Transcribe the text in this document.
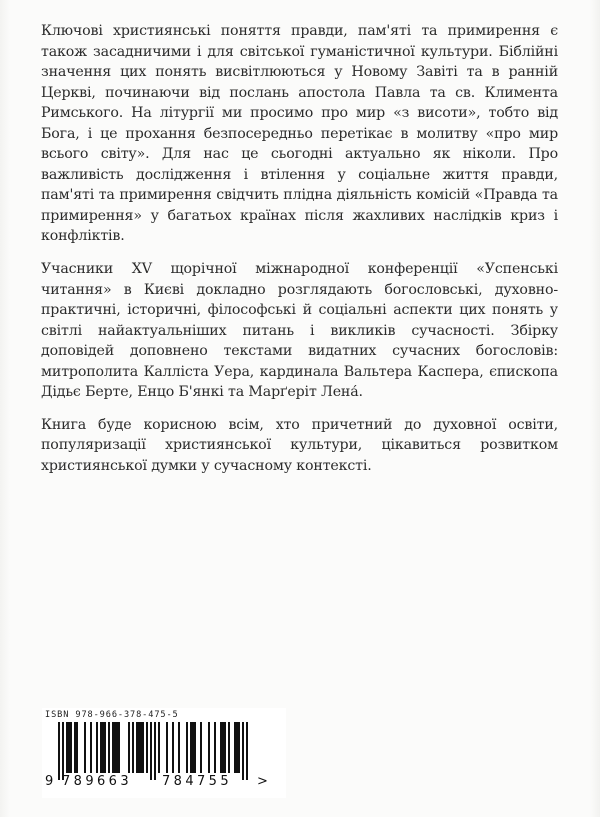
Ключові християнські поняття правди, пам'яті та примирення є також засадничими і для світської гуманістичної культури. Біблійні значення цих понять висвітлюються у Новому Завіті та в ранній Церкві, починаючи від послань апостола Павла та св. Климента Римського. На літургії ми просимо про мир «з висоти», тобто від Бога, і це прохання безпосередньо перетікає в молитву «про мир всього світу». Для нас це сьогодні актуально як ніколи. Про важливість дослідження і втілення у соціальне життя правди, пам'яті та примирення свідчить плідна діяльність комісій «Правда та примирення» у багатьох країнах після жахливих наслідків криз і конфліктів.

Учасники XV щорічної міжнародної конференції «Успенські читання» в Києві докладно розглядають богословські, духовно-практичні, історичні, філософські й соціальні аспекти цих понять у світлі найактуальніших питань і викликів сучасності. Збірку доповідей доповнено текстами видатних сучасних богословів: митрополита Калліста Уера, кардинала Вальтера Каспера, єпископа Дідьє Берте, Енцо Б'янкі та Марґеріт Лена́.

Книга буде корисною всім, хто причетний до духовної освіти, популяризації християнської культури, цікавиться розвитком християнської думки у сучасному контексті.

ISBN 978-966-378-475-5
9 789663 784755 >
